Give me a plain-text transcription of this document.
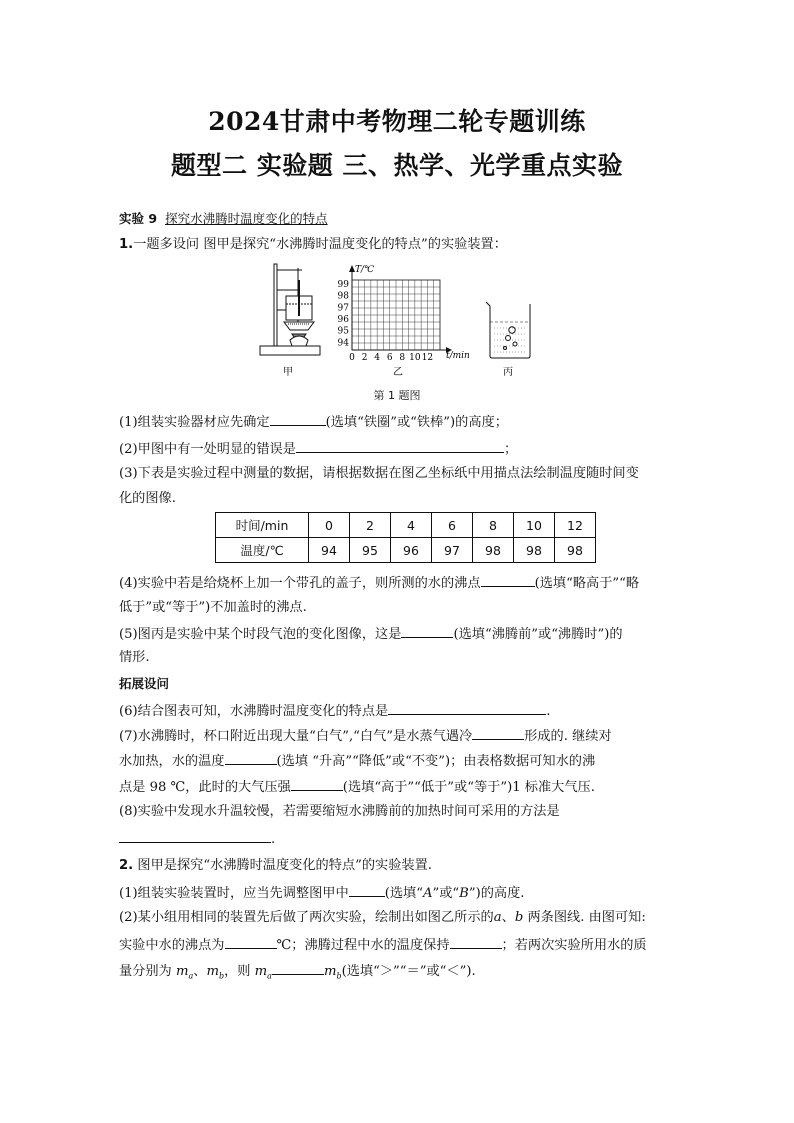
2024甘肃中考物理二轮专题训练
题型二 实验题 三、热学、光学重点实验
实验 9 探究水沸腾时温度变化的特点
1.一题多设问 图甲是探究“水沸腾时温度变化的特点”的实验装置：
甲
T/℃
t/min
99
98
97
96
95
94
0 2 4 6 8 10 12
乙	丙
第 1 题图
(1)组装实验器材应先确定	(选填“铁圈”或“铁棒”)的高度；
(2)甲图中有一处明显的错误是	；
(3)下表是实验过程中测量的数据，请根据数据在图乙坐标纸中用描点法绘制温度随时间变
化的图像.
时间/min	0	2	4	6	8	10	12
温度/℃	94	95	96	97	98	98	98
(4)实验中若是给烧杯上加一个带孔的盖子，则所测的水的沸点	(选填“略高于”“略
低于”或“等于”)不加盖时的沸点.
(5)图丙是实验中某个时段气泡的变化图像，这是	(选填“沸腾前”或“沸腾时”)的
情形.
拓展设问
(6)结合图表可知，水沸腾时温度变化的特点是	.
(7)水沸腾时，杯口附近出现大量“白气”,“白气”是水蒸气遇冷	形成的. 继续对
水加热，水的温度	(选填 “升高”“降低”或“不变”)；由表格数据可知水的沸
点是 98 ℃，此时的大气压强	(选填“高于”“低于”或“等于”)1 标准大气压.
(8)实验中发现水升温较慢，若需要缩短水沸腾前的加热时间可采用的方法是
.
2. 图甲是探究“水沸腾时温度变化的特点”的实验装置.
(1)组装实验装置时，应当先调整图甲中	(选填“A”或“B”)的高度.
(2)某小组用相同的装置先后做了两次实验，绘制出如图乙所示的a、b 两条图线. 由图可知:
实验中水的沸点为	℃；沸腾过程中水的温度保持	；若两次实验所用水的质
量分别为 $m_a$、$m_b$，则 $m_a$	$m_b$(选填“＞”“＝”或“＜”).
